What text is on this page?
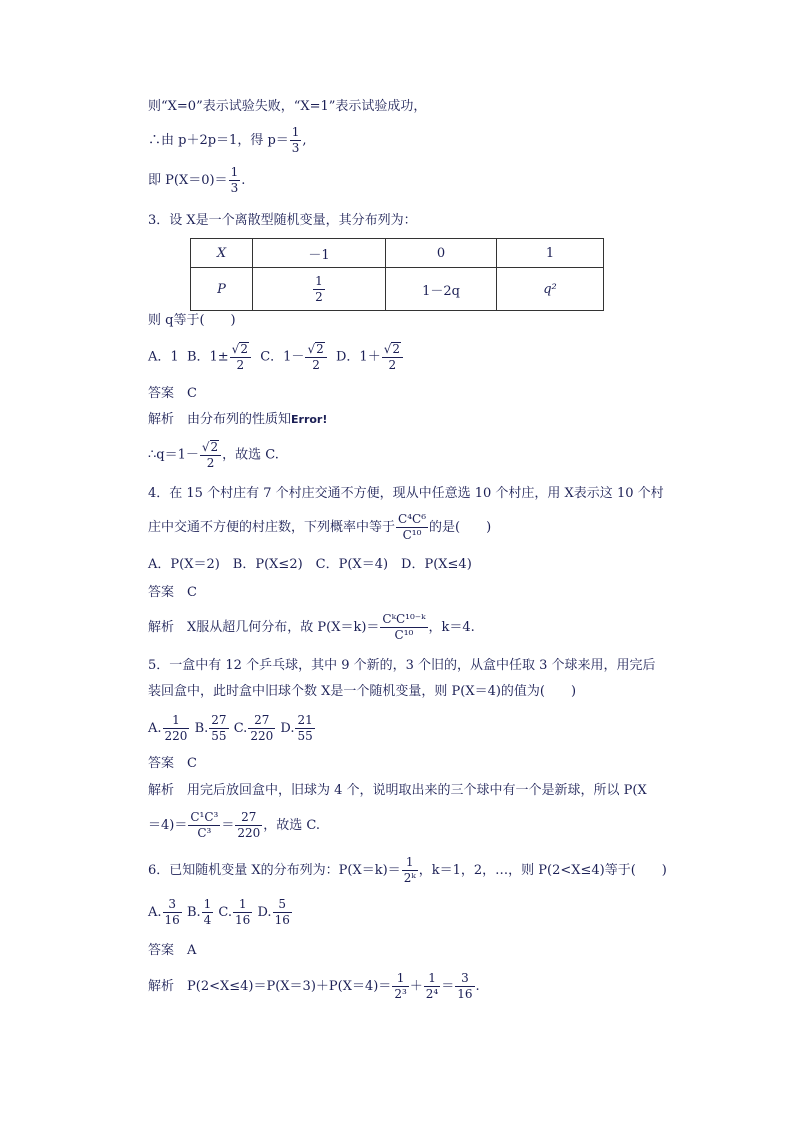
则“X=0”表示试验失败，“X=1”表示试验成功，
∴由 p＋2p＝1，得 $p= \frac{1}{3}$ ,
即 $P(X=0)= \frac{1}{3}$ .
3．设 X是一个离散型随机变量，其分布列为：
X	－1	0	1
P	$\frac{1}{2}$	1－2q	q²
则 q等于(　　)
A．1 B．$1\pm \frac{√2}{2}$ C．$1- \frac{√2}{2}$ D．$1+ \frac{√2}{2}$
答案　C
解析　由分布列的性质知Error!
∴q＝1－ $\frac{√2}{2}$ ，故选 C.
4．在 15 个村庄有 7 个村庄交通不方便，现从中任意选 10 个村庄，用 X表示这 10 个村
庄中交通不方便的村庄数，下列概率中等于 $\frac{\text{C⁴C⁶}}{\text{C¹⁰}}$ 的是(　　)
A．P(X＝2)　B．P(X≤2)　C．P(X＝4)　D．P(X≤4)
答案　C
解析　X服从超几何分布，故 P(X＝k)＝
CᵏC¹⁰⁻ᵏ
C¹⁰	，k＝4.
5．一盒中有 12 个乒乓球，其中 9 个新的，3 个旧的，从盒中任取 3 个球来用，用完后
装回盒中，此时盒中旧球个数 X是一个随机变量，则 P(X＝4)的值为(　　)
A. $\frac{1}{220} B$. $\frac{27}{55} C$. $\frac{27}{220} D$. $\frac{21}{55}$
答案　C
解析　用完后放回盒中，旧球为 4 个，说明取出来的三个球中有一个是新球，所以 P(X
$=4)= \frac{\text{C¹C³}}{\text{C³}} = \frac{27}{220}$ ，故选 C.
6．已知随机变量 X的分布列为：$P(X=k)= \frac{1}{\text{2ᵏ}}$ ，k＝1，2，…，则 P(2<X≤4)等于(　　)
A. $\frac{3}{16} B$. $\frac{1}{4} C$. $\frac{1}{16} D$. $\frac{5}{16}$
答案　A
解析　$P(2<X\le 4)=P(X=3)+P(X=4)= \frac{1}{\text{2³}} + \frac{1}{\text{2⁴}} = \frac{3}{16}$ .
